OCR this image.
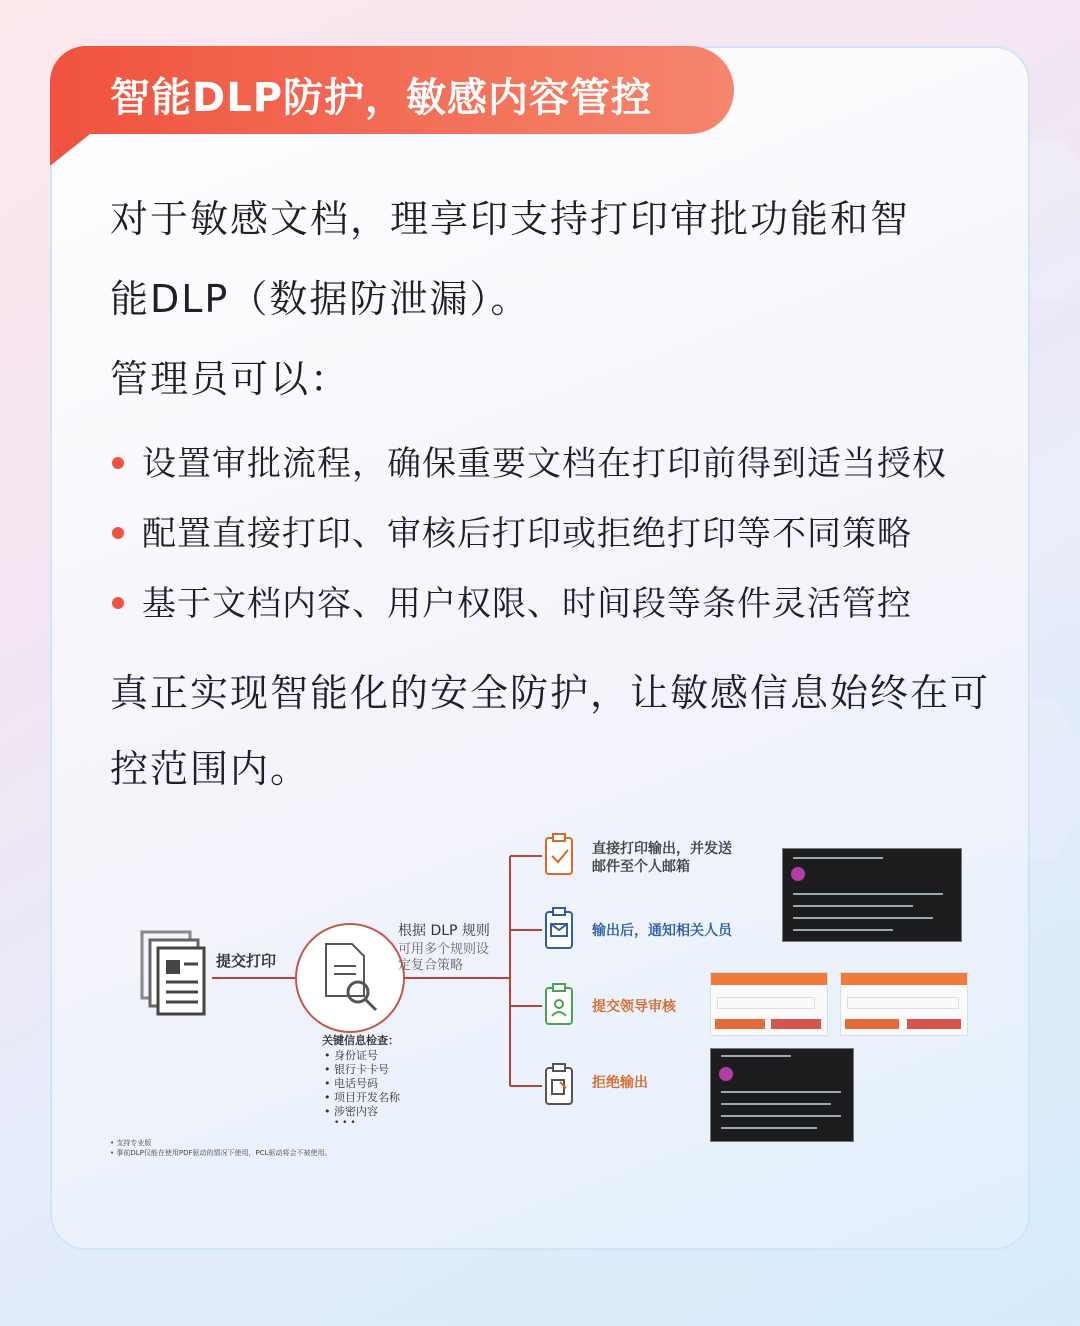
智能DLP防护，敏感内容管控
对于敏感文档，理享印支持打印审批功能和智
能DLP（数据防泄漏）。
管理员可以：
设置审批流程，确保重要文档在打印前得到适当授权
配置直接打印、审核后打印或拒绝打印等不同策略
基于文档内容、用户权限、时间段等条件灵活管控
真正实现智能化的安全防护，让敏感信息始终在可
控范围内。
提交打印
根据 DLP 规则
可用多个规则设
定复合策略
关键信息检查：
• 身份证号
• 银行卡卡号
• 电话号码
• 项目开发名称
• 涉密内容
• • •
直接打印输出，并发送
邮件至个人邮箱
输出后，通知相关人员
提交领导审核
拒绝输出
• 支持专业版
• 事前DLP仅能在使用PDF驱动的情况下使用，PCL驱动将会不被使用。
